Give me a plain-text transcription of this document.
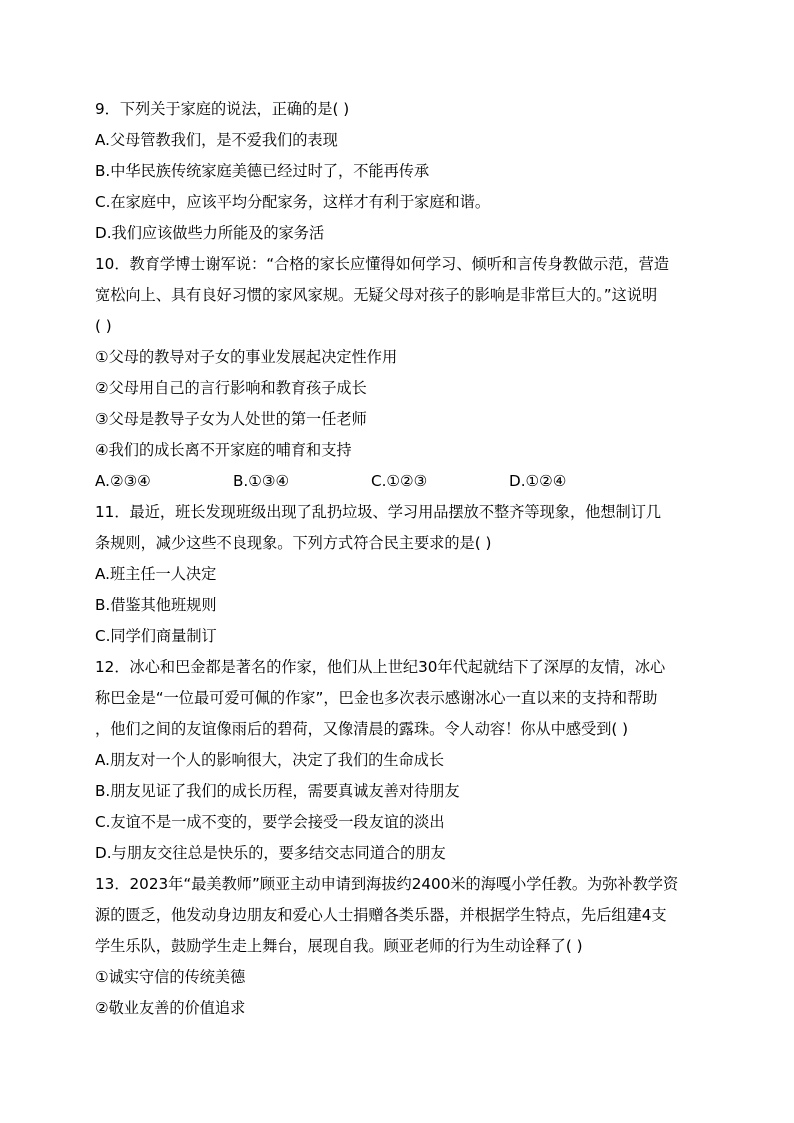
9．下列关于家庭的说法，正确的是( )
A.父母管教我们，是不爱我们的表现
B.中华民族传统家庭美德已经过时了，不能再传承
C.在家庭中，应该平均分配家务，这样才有利于家庭和谐。
D.我们应该做些力所能及的家务活
10．教育学博士谢军说：“合格的家长应懂得如何学习、倾听和言传身教做示范，营造
宽松向上、具有良好习惯的家风家规。无疑父母对孩子的影响是非常巨大的。”这说明
( )
①父母的教导对子女的事业发展起决定性作用
②父母用自己的言行影响和教育孩子成长
③父母是教导子女为人处世的第一任老师
④我们的成长离不开家庭的哺育和支持
A.②③④	B.①③④	C.①②③	D.①②④
11．最近，班长发现班级出现了乱扔垃圾、学习用品摆放不整齐等现象，他想制订几
条规则，减少这些不良现象。下列方式符合民主要求的是( )
A.班主任一人决定
B.借鉴其他班规则
C.同学们商量制订
12．冰心和巴金都是著名的作家，他们从上世纪30年代起就结下了深厚的友情，冰心
称巴金是“一位最可爱可佩的作家”，巴金也多次表示感谢冰心一直以来的支持和帮助
，他们之间的友谊像雨后的碧荷，又像清晨的露珠。令人动容！你从中感受到( )
A.朋友对一个人的影响很大，决定了我们的生命成长
B.朋友见证了我们的成长历程，需要真诚友善对待朋友
C.友谊不是一成不变的，要学会接受一段友谊的淡出
D.与朋友交往总是快乐的，要多结交志同道合的朋友
13．2023年“最美教师”顾亚主动申请到海拔约2400米的海嘎小学任教。为弥补教学资
源的匮乏，他发动身边朋友和爱心人士捐赠各类乐器，并根据学生特点，先后组建4支
学生乐队，鼓励学生走上舞台，展现自我。顾亚老师的行为生动诠释了( )
①诚实守信的传统美德
②敬业友善的价值追求
